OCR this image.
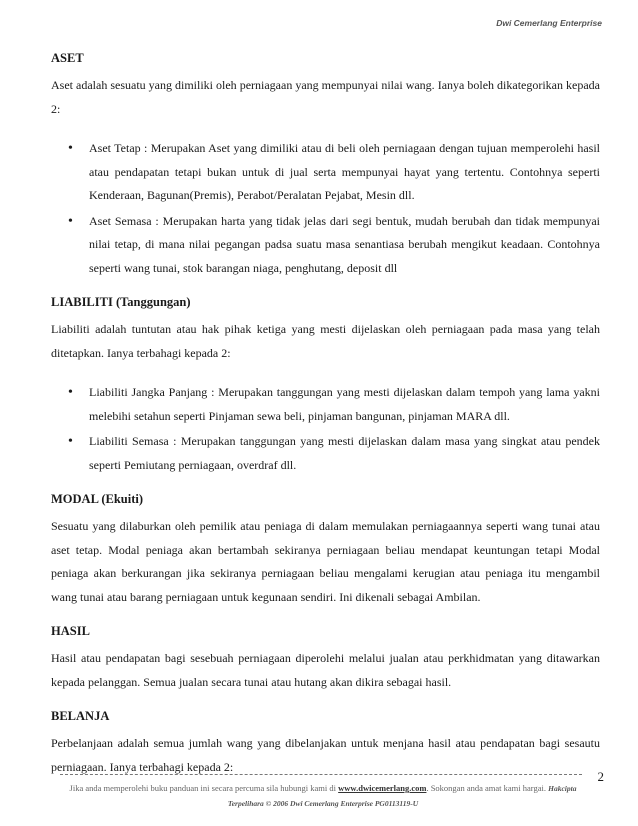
Dwi Cemerlang Enterprise
ASET

Aset adalah sesuatu yang dimiliki oleh perniagaan yang mempunyai nilai wang. Ianya boleh dikategorikan kepada 2:

• Aset Tetap : Merupakan Aset yang dimiliki atau di beli oleh perniagaan dengan tujuan memperolehi hasil atau pendapatan tetapi bukan untuk di jual serta mempunyai hayat yang tertentu. Contohnya seperti Kenderaan, Bagunan(Premis), Perabot/Peralatan Pejabat, Mesin dll.
• Aset Semasa : Merupakan harta yang tidak jelas dari segi bentuk, mudah berubah dan tidak mempunyai nilai tetap, di mana nilai pegangan padsa suatu masa senantiasa berubah mengikut keadaan. Contohnya seperti wang tunai, stok barangan niaga, penghutang, deposit dll
LIABILITI (Tanggungan)

Liabiliti adalah tuntutan atau hak pihak ketiga yang mesti dijelaskan oleh perniagaan pada masa yang telah ditetapkan. Ianya terbahagi kepada 2:

• Liabiliti Jangka Panjang : Merupakan tanggungan yang mesti dijelaskan dalam tempoh yang lama yakni melebihi setahun seperti Pinjaman sewa beli, pinjaman bangunan, pinjaman MARA dll.
• Liabiliti Semasa : Merupakan tanggungan yang mesti dijelaskan dalam masa yang singkat atau pendek seperti Pemiutang perniagaan, overdraf dll.
MODAL (Ekuiti)

Sesuatu yang dilaburkan oleh pemilik atau peniaga di dalam memulakan perniagaannya seperti wang tunai atau aset tetap. Modal peniaga akan bertambah sekiranya perniagaan beliau mendapat keuntungan tetapi Modal peniaga akan berkurangan jika sekiranya perniagaan beliau mengalami kerugian atau peniaga itu mengambil wang tunai atau barang perniagaan untuk kegunaan sendiri. Ini dikenali sebagai Ambilan.

HASIL

Hasil atau pendapatan bagi sesebuah perniagaan diperolehi melalui jualan atau perkhidmatan yang ditawarkan kepada pelanggan. Semua jualan secara tunai atau hutang akan dikira sebagai hasil.

BELANJA

Perbelanjaan adalah semua jumlah wang yang dibelanjakan untuk menjana hasil atau pendapatan bagi sesautu perniagaan. Ianya terbahagi kepada 2:

2
Jika anda memperolehi buku panduan ini secara percuma sila hubungi kami di www.dwicemerlang.com. Sokongan anda amat kami hargai. Hakcipta Terpelihara © 2006 Dwi Cemerlang Enterprise PG0113119-U
